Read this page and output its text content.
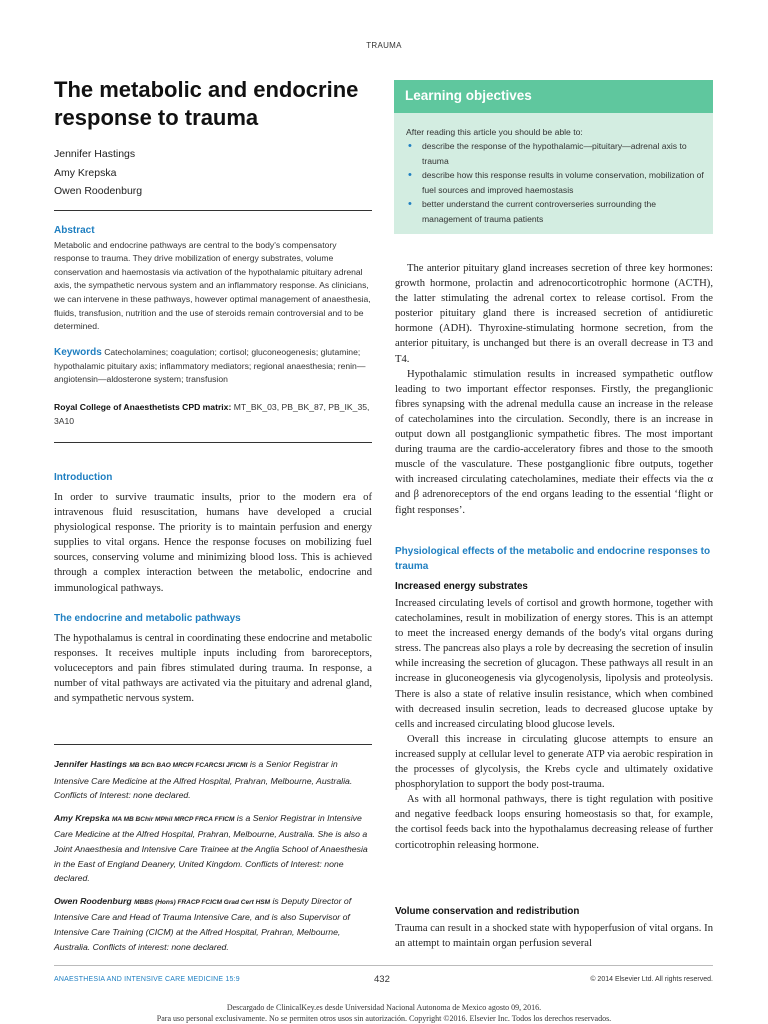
TRAUMA
The metabolic and endocrine response to trauma
Jennifer Hastings
Amy Krepska
Owen Roodenburg
Abstract
Metabolic and endocrine pathways are central to the body's compensatory response to trauma. They drive mobilization of energy substrates, volume conservation and haemostasis via activation of the hypothalamic pituitary adrenal axis, the sympathetic nervous system and an inflammatory response. As clinicians, we can intervene in these pathways, however optimal management of anaesthesia, fluids, transfusion, nutrition and the use of steroids remain controversial and to be determined.
Keywords Catecholamines; coagulation; cortisol; gluconeogenesis; glutamine; hypothalamic pituitary axis; inflammatory mediators; regional anaesthesia; renin—angiotensin—aldosterone system; transfusion
Royal College of Anaesthetists CPD matrix: MT_BK_03, PB_BK_87, PB_IK_35, 3A10
Introduction

In order to survive traumatic insults, prior to the modern era of intravenous fluid resuscitation, humans have developed a crucial physiological response. The priority is to maintain perfusion and energy supplies to vital organs. Hence the response focuses on mobilizing fuel sources, conserving volume and minimizing blood loss. This is achieved through a complex interaction between the metabolic, endocrine and immunological pathways.

The endocrine and metabolic pathways

The hypothalamus is central in coordinating these endocrine and metabolic responses. It receives multiple inputs including from baroreceptors, voluceceptors and pain fibres stimulated during trauma. In response, a number of vital pathways are activated via the pituitary and adrenal gland, and sympathetic nervous system.

Jennifer Hastings MB BCh BAO MRCPI FCARCSI JFICMI is a Senior Registrar in Intensive Care Medicine at the Alfred Hospital, Prahran, Melbourne, Australia. Conflicts of Interest: none declared.

Amy Krepska MA MB BChir MPhil MRCP FRCA FFICM is a Senior Registrar in Intensive Care Medicine at the Alfred Hospital, Prahran, Melbourne, Australia. She is also a Joint Anaesthesia and Intensive Care Trainee at the Anglia School of Anaesthesia in the East of England Deanery, United Kingdom. Conflicts of Interest: none declared.

Owen Roodenburg MBBS (Hons) FRACP FCICM Grad Cert HSM is Deputy Director of Intensive Care and Head of Trauma Intensive Care, and is also Supervisor of Intensive Care Training (CICM) at the Alfred Hospital, Prahran, Melbourne, Australia. Conflicts of interest: none declared.

Learning objectives
After reading this article you should be able to:
• describe the response of the hypothalamic—pituitary—adrenal axis to trauma
• describe how this response results in volume conservation, mobilization of fuel sources and improved haemostasis
• better understand the current controverseries surrounding the management of trauma patients

The anterior pituitary gland increases secretion of three key hormones: growth hormone, prolactin and adrenocorticotrophic hormone (ACTH), the latter stimulating the adrenal cortex to release cortisol. From the posterior pituitary gland there is increased secretion of antidiuretic hormone (ADH). Thyroxine-stimulating hormone secretion, from the anterior pituitary, is unchanged but there is an overall decrease in T3 and T4.

Hypothalamic stimulation results in increased sympathetic outflow leading to two important effector responses. Firstly, the preganglionic fibres synapsing with the adrenal medulla cause an increase in the release of catecholamines into the circulation. Secondly, there is an increase in output down all postganglionic sympathetic fibres. The most important during trauma are the cardio-acceleratory fibres and those to the smooth muscle of the vasculature. These postganglionic fibre outputs, together with increased circulating catecholamines, mediate their effects via the α and β adrenoreceptors of the end organs leading to the essential ‘flight or fight responses’.

Physiological effects of the metabolic and endocrine responses to trauma
Increased energy substrates

Increased circulating levels of cortisol and growth hormone, together with catecholamines, result in mobilization of energy stores. This is an attempt to meet the increased energy demands of the body's vital organs during stress. The pancreas also plays a role by decreasing the secretion of insulin while increasing the secretion of glucagon. These pathways all result in an increase in gluconeogenesis via glycogenolysis, lipolysis and proteolysis. There is also a state of relative insulin resistance, which when combined with decreased insulin secretion, leads to decreased glucose uptake by cells and increased circulating blood glucose levels.

Overall this increase in circulating glucose attempts to ensure an increased supply at cellular level to generate ATP via aerobic respiration in the processes of glycolysis, the Krebs cycle and ultimately oxidative phosphorylation to support the body post-trauma.

As with all hormonal pathways, there is tight regulation with positive and negative feedback loops ensuring homeostasis so that, for example, the cortisol feeds back into the hypothalamus decreasing release of further corticotrophin releasing hormone.

Volume conservation and redistribution

Trauma can result in a shocked state with hypoperfusion of vital organs. In an attempt to maintain organ perfusion several

ANAESTHESIA AND INTENSIVE CARE MEDICINE 15:9	432	© 2014 Elsevier Ltd. All rights reserved.
Descargado de ClinicalKey.es desde Universidad Nacional Autonoma de Mexico agosto 09, 2016.
Para uso personal exclusivamente. No se permiten otros usos sin autorización. Copyright ©2016. Elsevier Inc. Todos los derechos reservados.
